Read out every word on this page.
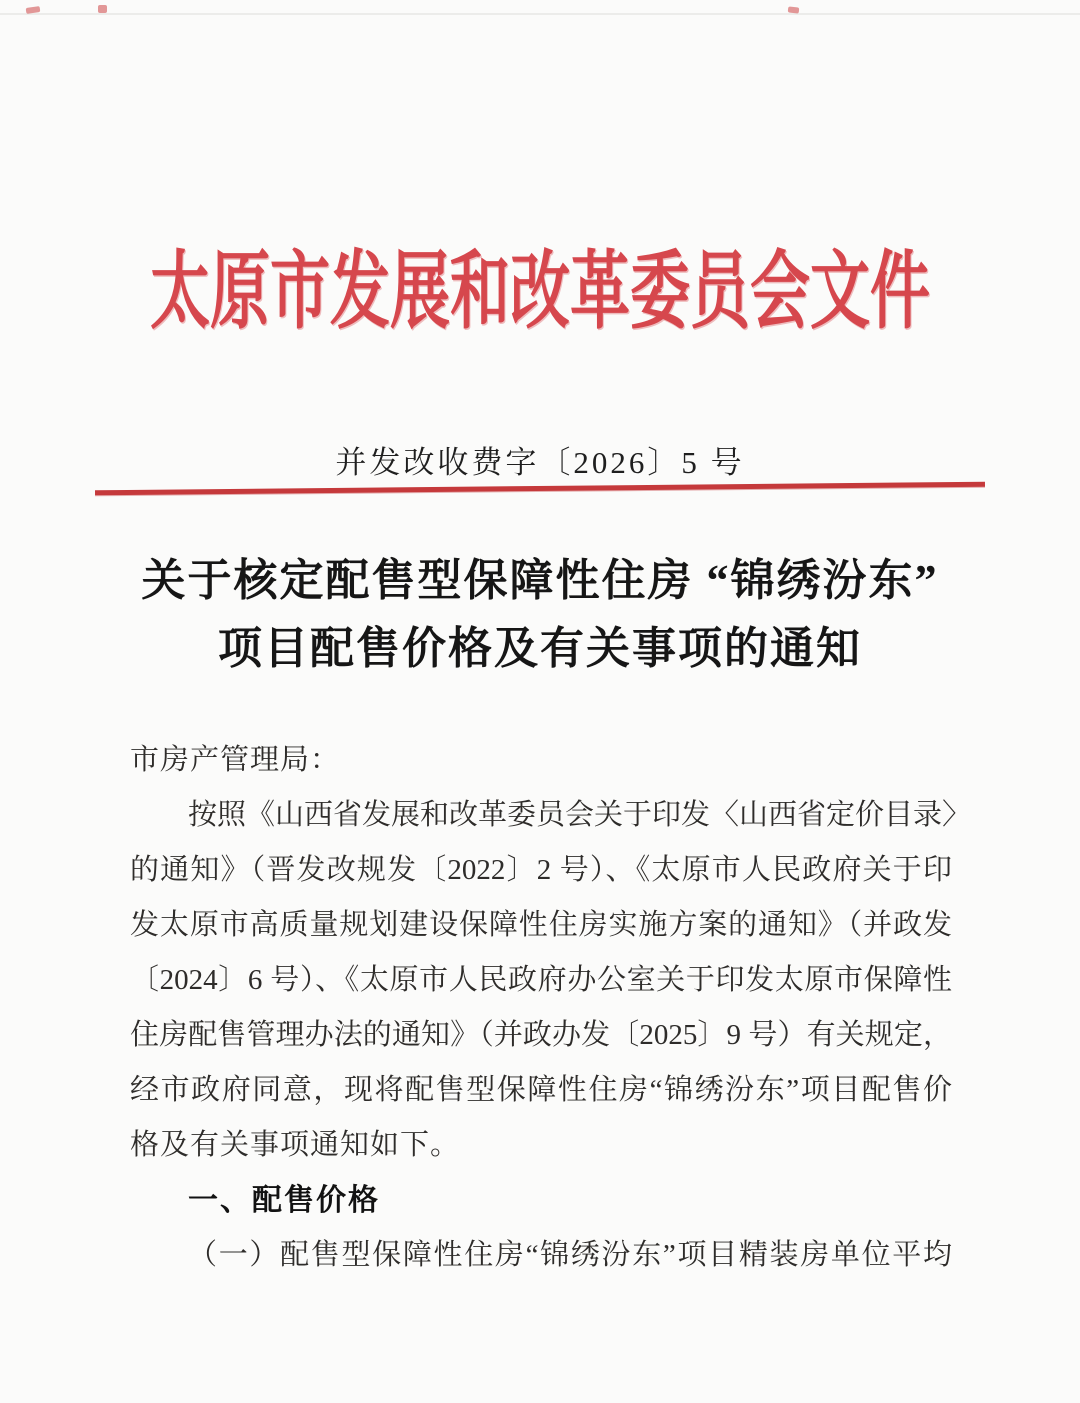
太原市发展和改革委员会文件
并发改收费字〔2026〕5 号
关于核定配售型保障性住房 “锦绣汾东”
项目配售价格及有关事项的通知
市房产管理局：
按照《山西省发展和改革委员会关于印发〈山西省定价目录〉
的通知》（晋发改规发〔2022〕2 号）、《太原市人民政府关于印
发太原市高质量规划建设保障性住房实施方案的通知》（并政发
〔2024〕6 号）、《太原市人民政府办公室关于印发太原市保障性
住房配售管理办法的通知》（并政办发〔2025〕9 号）有关规定，
经市政府同意，现将配售型保障性住房“锦绣汾东”项目配售价
格及有关事项通知如下。
一、配售价格
（一）配售型保障性住房“锦绣汾东”项目精装房单位平均
